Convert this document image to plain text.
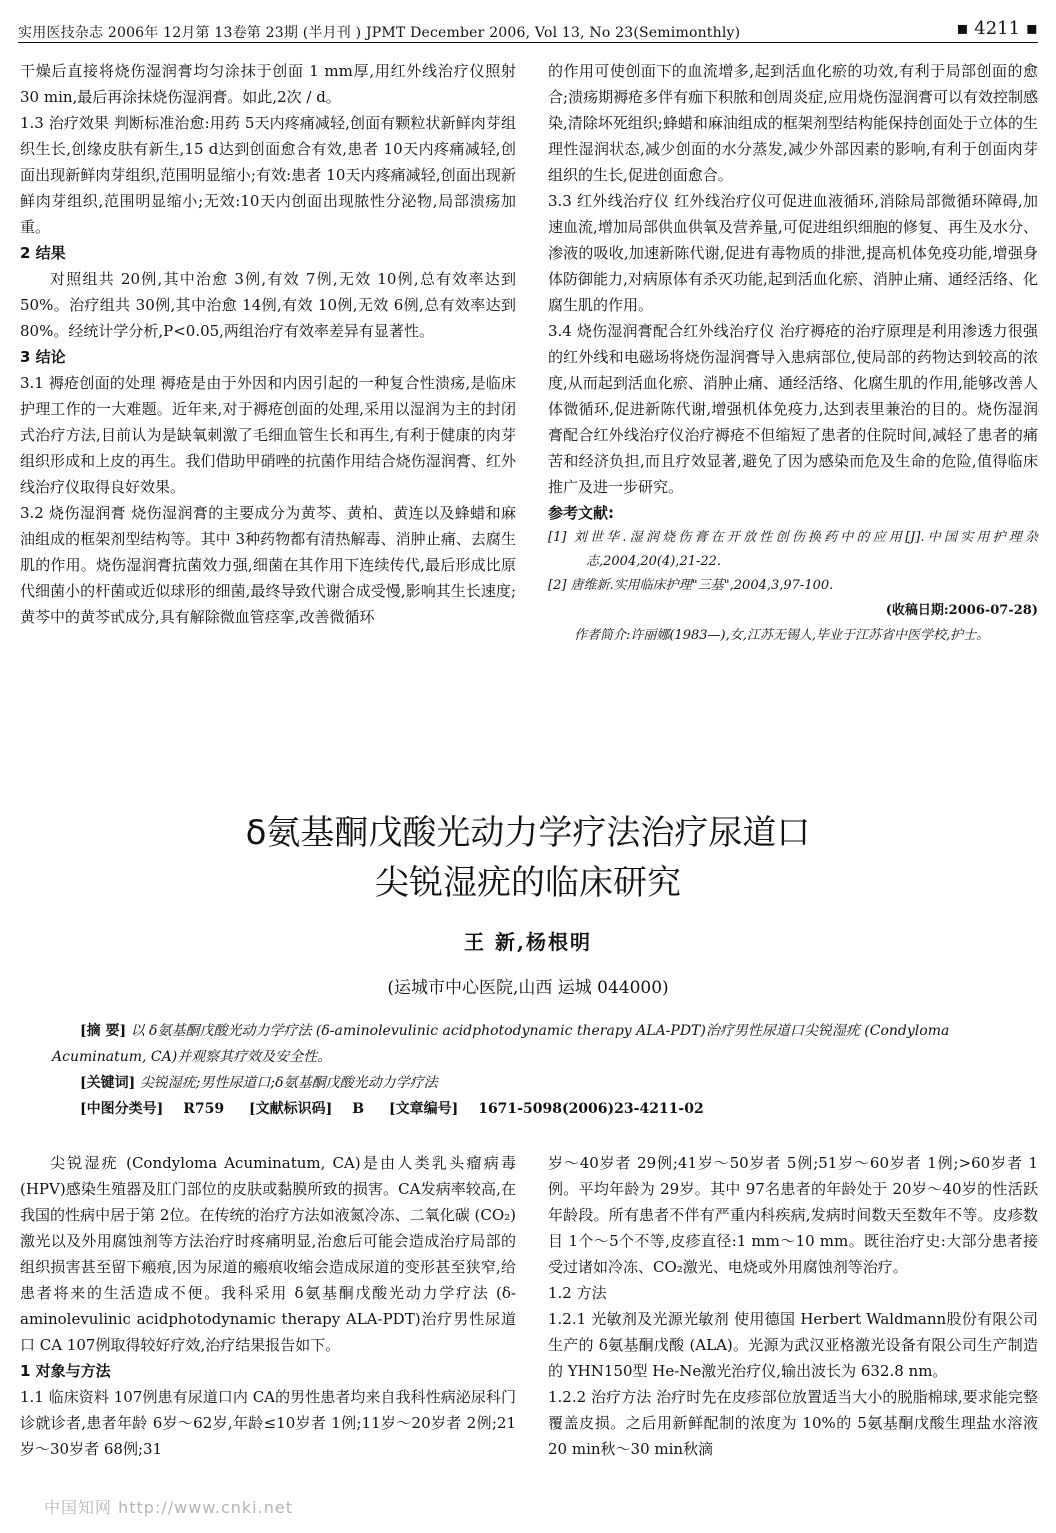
实用医技杂志 2006年 12月第 13卷第 23期 (半月刊 ) JPMT December 2006, Vol 13, No 23(Semimonthly)	▪ 4211 ▪

干燥后直接将烧伤湿润膏均匀涂抹于创面 1 mm厚,用红外线治疗仪照射 30 min,最后再涂抹烧伤湿润膏。如此,2次 / d。

1.3 治疗效果 判断标准治愈:用药 5天内疼痛减轻,创面有颗粒状新鲜肉芽组织生长,创缘皮肤有新生,15 d达到创面愈合有效,患者 10天内疼痛减轻,创面出现新鲜肉芽组织,范围明显缩小;有效:患者 10天内疼痛减轻,创面出现新鲜肉芽组织,范围明显缩小;无效:10天内创面出现脓性分泌物,局部溃疡加重。

2 结果

对照组共 20例,其中治愈 3例,有效 7例,无效 10例,总有效率达到 50%。治疗组共 30例,其中治愈 14例,有效 10例,无效 6例,总有效率达到 80%。经统计学分析,P<0.05,两组治疗有效率差异有显著性。

3 结论

3.1 褥疮创面的处理 褥疮是由于外因和内因引起的一种复合性溃疡,是临床护理工作的一大难题。近年来,对于褥疮创面的处理,采用以湿润为主的封闭式治疗方法,目前认为是缺氧刺激了毛细血管生长和再生,有利于健康的肉芽组织形成和上皮的再生。我们借助甲硝唑的抗菌作用结合烧伤湿润膏、红外线治疗仪取得良好效果。

3.2 烧伤湿润膏 烧伤湿润膏的主要成分为黄芩、黄柏、黄连以及蜂蜡和麻油组成的框架剂型结构等。其中 3种药物都有清热解毒、消肿止痛、去腐生肌的作用。烧伤湿润膏抗菌效力强,细菌在其作用下连续传代,最后形成比原代细菌小的杆菌或近似球形的细菌,最终导致代谢合成受慢,影响其生长速度;黄芩中的黄芩甙成分,具有解除微血管痉挛,改善微循环

的作用可使创面下的血流增多,起到活血化瘀的功效,有利于局部创面的愈合;溃疡期褥疮多伴有痂下积脓和创周炎症,应用烧伤湿润膏可以有效控制感染,清除坏死组织;蜂蜡和麻油组成的框架剂型结构能保持创面处于立体的生理性湿润状态,减少创面的水分蒸发,减少外部因素的影响,有利于创面肉芽组织的生长,促进创面愈合。

3.3 红外线治疗仪 红外线治疗仪可促进血液循环,消除局部微循环障碍,加速血流,增加局部供血供氧及营养量,可促进组织细胞的修复、再生及水分、渗液的吸收,加速新陈代谢,促进有毒物质的排泄,提高机体免疫功能,增强身体防御能力,对病原体有杀灭功能,起到活血化瘀、消肿止痛、通经活络、化腐生肌的作用。

3.4 烧伤湿润膏配合红外线治疗仪 治疗褥疮的治疗原理是利用渗透力很强的红外线和电磁场将烧伤湿润膏导入患病部位,使局部的药物达到较高的浓度,从而起到活血化瘀、消肿止痛、通经活络、化腐生肌的作用,能够改善人体微循环,促进新陈代谢,增强机体免疫力,达到表里兼治的目的。烧伤湿润膏配合红外线治疗仪治疗褥疮不但缩短了患者的住院时间,减轻了患者的痛苦和经济负担,而且疗效显著,避免了因为感染而危及生命的危险,值得临床推广及进一步研究。

参考文献:

[1] 刘世华.湿润烧伤膏在开放性创伤换药中的应用[J].中国实用护理杂志,2004,20(4),21-22.

[2] 唐维新.实用临床护理"三基",2004,3,97-100.

(收稿日期:2006-07-28)

作者简介:许丽娜(1983—),女,江苏无锡人,毕业于江苏省中医学校,护士。

δ氨基酮戊酸光动力学疗法治疗尿道口
尖锐湿疣的临床研究
王 新,杨根明
(运城市中心医院,山西 运城 044000)

[摘 要] 以 δ氨基酮戊酸光动力学疗法 (δ-aminolevulinic acidphotodynamic therapy ALA-PDT)治疗男性尿道口尖锐湿疣 (Condyloma Acuminatum, CA)并观察其疗效及安全性。

[关键词] 尖锐湿疣;男性尿道口;δ氨基酮戊酸光动力学疗法

[中图分类号] R759 [文献标识码] B [文章编号] 1671-5098(2006)23-4211-02

尖锐湿疣 (Condyloma Acuminatum, CA)是由人类乳头瘤病毒 (HPV)感染生殖器及肛门部位的皮肤或黏膜所致的损害。CA发病率较高,在我国的性病中居于第 2位。在传统的治疗方法如液氮冷冻、二氧化碳 (CO₂)激光以及外用腐蚀剂等方法治疗时疼痛明显,治愈后可能会造成治疗局部的组织损害甚至留下瘢痕,因为尿道的瘢痕收缩会造成尿道的变形甚至狭窄,给患者将来的生活造成不便。我科采用 δ氨基酮戊酸光动力学疗法 (δ-aminolevulinic acidphotodynamic therapy ALA-PDT)治疗男性尿道口 CA 107例取得较好疗效,治疗结果报告如下。

1 对象与方法

1.1 临床资料 107例患有尿道口内 CA的男性患者均来自我科性病泌尿科门诊就诊者,患者年龄 6岁～62岁,年龄≤10岁者 1例;11岁～20岁者 2例;21岁～30岁者 68例;31

岁～40岁者 29例;41岁～50岁者 5例;51岁～60岁者 1例;>60岁者 1例。平均年龄为 29岁。其中 97名患者的年龄处于 20岁～40岁的性活跃年龄段。所有患者不伴有严重内科疾病,发病时间数天至数年不等。皮疹数目 1个～5个不等,皮疹直径:1 mm～10 mm。既往治疗史:大部分患者接受过诸如冷冻、CO₂激光、电烧或外用腐蚀剂等治疗。

1.2 方法

1.2.1 光敏剂及光源光敏剂 使用德国 Herbert Waldmann股份有限公司生产的 δ氨基酮戊酸 (ALA)。光源为武汉亚格激光设备有限公司生产制造的 YHN150型 He-Ne激光治疗仪,输出波长为 632.8 nm。

1.2.2 治疗方法 治疗时先在皮疹部位放置适当大小的脱脂棉球,要求能完整覆盖皮损。之后用新鲜配制的浓度为 10%的 5氨基酮戊酸生理盐水溶液 20 min秋～30 min秋滴

中国知网 http://www.cnki.net
